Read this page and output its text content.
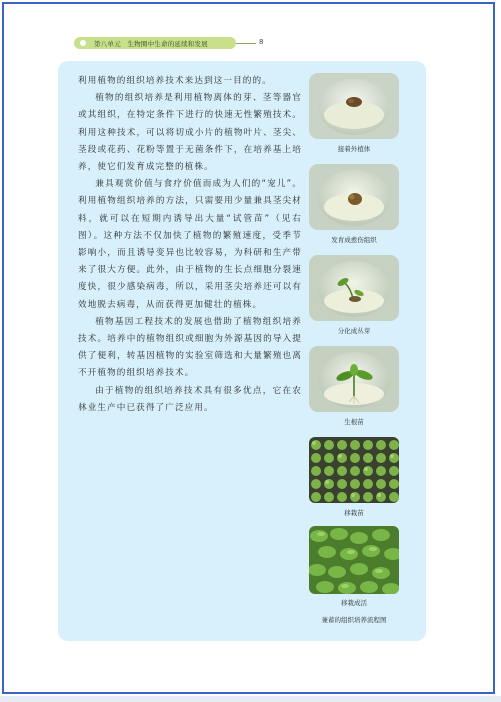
第八单元　生物圈中生命的延续和发展	8

利用植物的组织培养技术来达到这一目的的。

植物的组织培养是利用植物离体的芽、茎等器官或其组织，在特定条件下进行的快速无性繁殖技术。利用这种技术，可以将切成小片的植物叶片、茎尖、茎段或花药、花粉等置于无菌条件下，在培养基上培养，使它们发育成完整的植株。

兼具观赏价值与食疗价值而成为人们的“宠儿”。利用植物组织培养的方法，只需要用少量兼具茎尖材料，就可以在短期内诱导出大量“试管苗”（见右图）。这种方法不仅加快了植物的繁殖速度，受季节影响小，而且诱导变异也比较容易，为科研和生产带来了很大方便。此外，由于植物的生长点细胞分裂速度快，很少感染病毒，所以，采用茎尖培养还可以有效地脱去病毒，从而获得更加健壮的植株。

植物基因工程技术的发展也借助了植物组织培养技术。培养中的植物组织或细胞为外源基因的导入提供了便利，转基因植物的实验室筛选和大量繁殖也离不开植物的组织培养技术。

由于植物的组织培养技术具有很多优点，它在农林业生产中已获得了广泛应用。

接着外植体
发育成愈伤组织
分化成丛芽
生根苗
移栽苗
移栽成活
兼蓄的组织培养流程图
